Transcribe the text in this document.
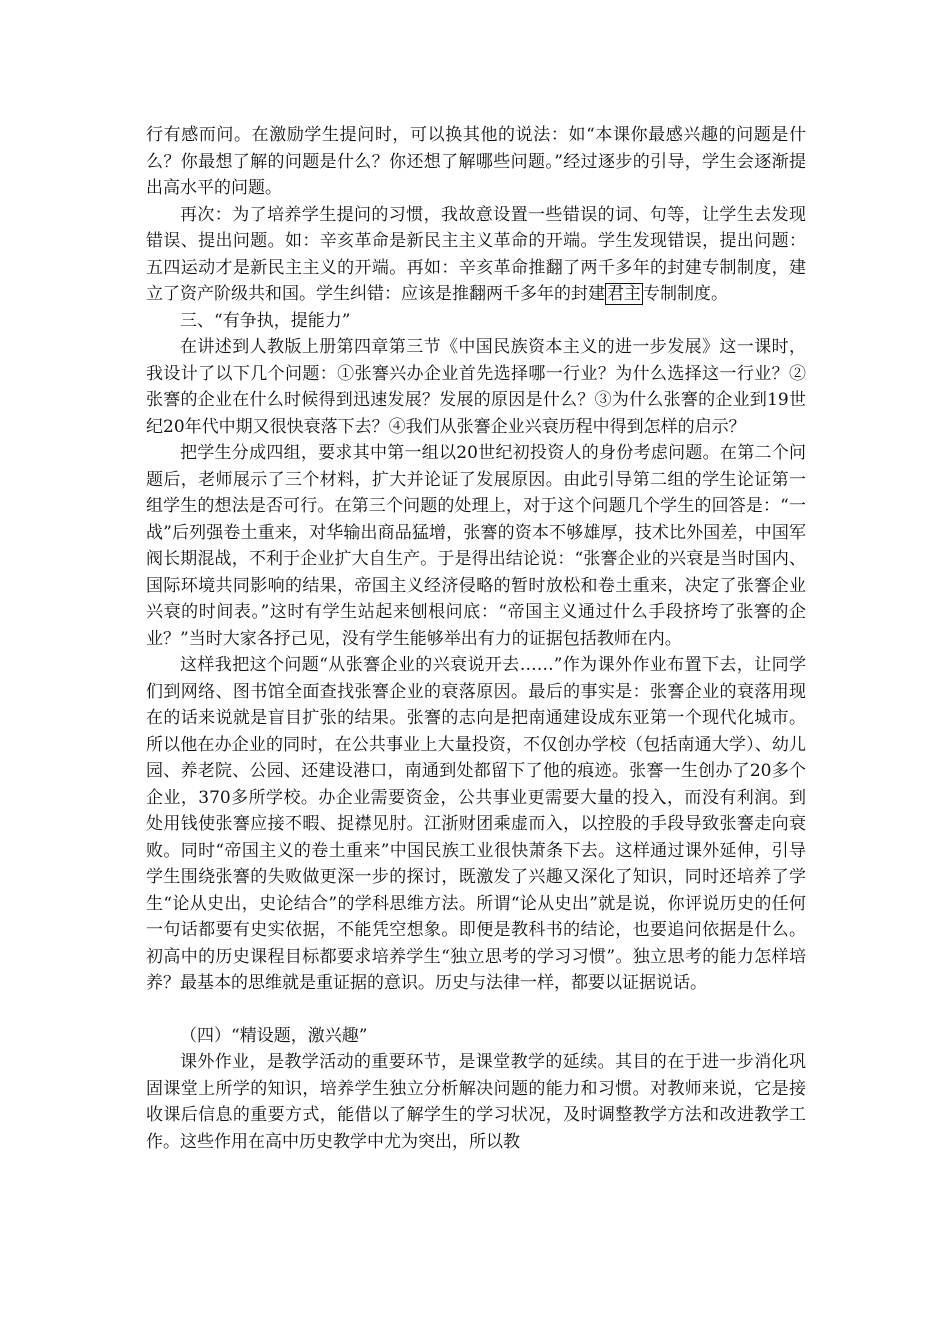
行有感而问。在激励学生提问时，可以换其他的说法：如“本课你最感兴趣的问题是什么？你最想了解的问题是什么？你还想了解哪些问题。”经过逐步的引导，学生会逐渐提出高水平的问题。

再次：为了培养学生提问的习惯，我故意设置一些错误的词、句等，让学生去发现错误、提出问题。如：辛亥革命是新民主主义革命的开端。学生发现错误，提出问题：五四运动才是新民主主义的开端。再如：辛亥革命推翻了两千多年的封建专制制度，建立了资产阶级共和国。学生纠错：应该是推翻两千多年的封建 君主 专制制度。

三、“有争执，提能力”

在讲述到人教版上册第四章第三节《中国民族资本主义的进一步发展》这一课时，我设计了以下几个问题：①张謇兴办企业首先选择哪一行业？为什么选择这一行业？②张謇的企业在什么时候得到迅速发展？发展的原因是什么？③为什么张謇的企业到19世纪20年代中期又很快衰落下去？④我们从张謇企业兴衰历程中得到怎样的启示？

把学生分成四组，要求其中第一组以20世纪初投资人的身份考虑问题。在第二个问题后，老师展示了三个材料，扩大并论证了发展原因。由此引导第二组的学生论证第一组学生的想法是否可行。在第三个问题的处理上，对于这个问题几个学生的回答是：“一战”后列强卷土重来，对华输出商品猛增，张謇的资本不够雄厚，技术比外国差，中国军阀长期混战，不利于企业扩大自生产。于是得出结论说：“张謇企业的兴衰是当时国内、国际环境共同影响的结果，帝国主义经济侵略的暂时放松和卷土重来，决定了张謇企业兴衰的时间表。”这时有学生站起来刨根问底：“帝国主义通过什么手段挤垮了张謇的企业？”当时大家各抒己见，没有学生能够举出有力的证据包括教师在内。

这样我把这个问题“从张謇企业的兴衰说开去……”作为课外作业布置下去，让同学们到网络、图书馆全面查找张謇企业的衰落原因。最后的事实是：张謇企业的衰落用现在的话来说就是盲目扩张的结果。张謇的志向是把南通建设成东亚第一个现代化城市。所以他在办企业的同时，在公共事业上大量投资，不仅创办学校（包括南通大学）、幼儿园、养老院、公园、还建设港口，南通到处都留下了他的痕迹。张謇一生创办了20多个企业，370多所学校。办企业需要资金，公共事业更需要大量的投入，而没有利润。到处用钱使张謇应接不暇、捉襟见肘。江浙财团乘虚而入，以控股的手段导致张謇走向衰败。同时“帝国主义的卷土重来”中国民族工业很快萧条下去。这样通过课外延伸，引导学生围绕张謇的失败做更深一步的探讨，既激发了兴趣又深化了知识，同时还培养了学生“论从史出，史论结合”的学科思维方法。所谓“论从史出”就是说，你评说历史的任何一句话都要有史实依据，不能凭空想象。即便是教科书的结论，也要追问依据是什么。初高中的历史课程目标都要求培养学生“独立思考的学习习惯”。独立思考的能力怎样培养？最基本的思维就是重证据的意识。历史与法律一样，都要以证据说话。

（四）“精设题，激兴趣”

课外作业，是教学活动的重要环节，是课堂教学的延续。其目的在于进一步消化巩固课堂上所学的知识，培养学生独立分析解决问题的能力和习惯。对教师来说，它是接收课后信息的重要方式，能借以了解学生的学习状况，及时调整教学方法和改进教学工作。这些作用在高中历史教学中尤为突出，所以教
